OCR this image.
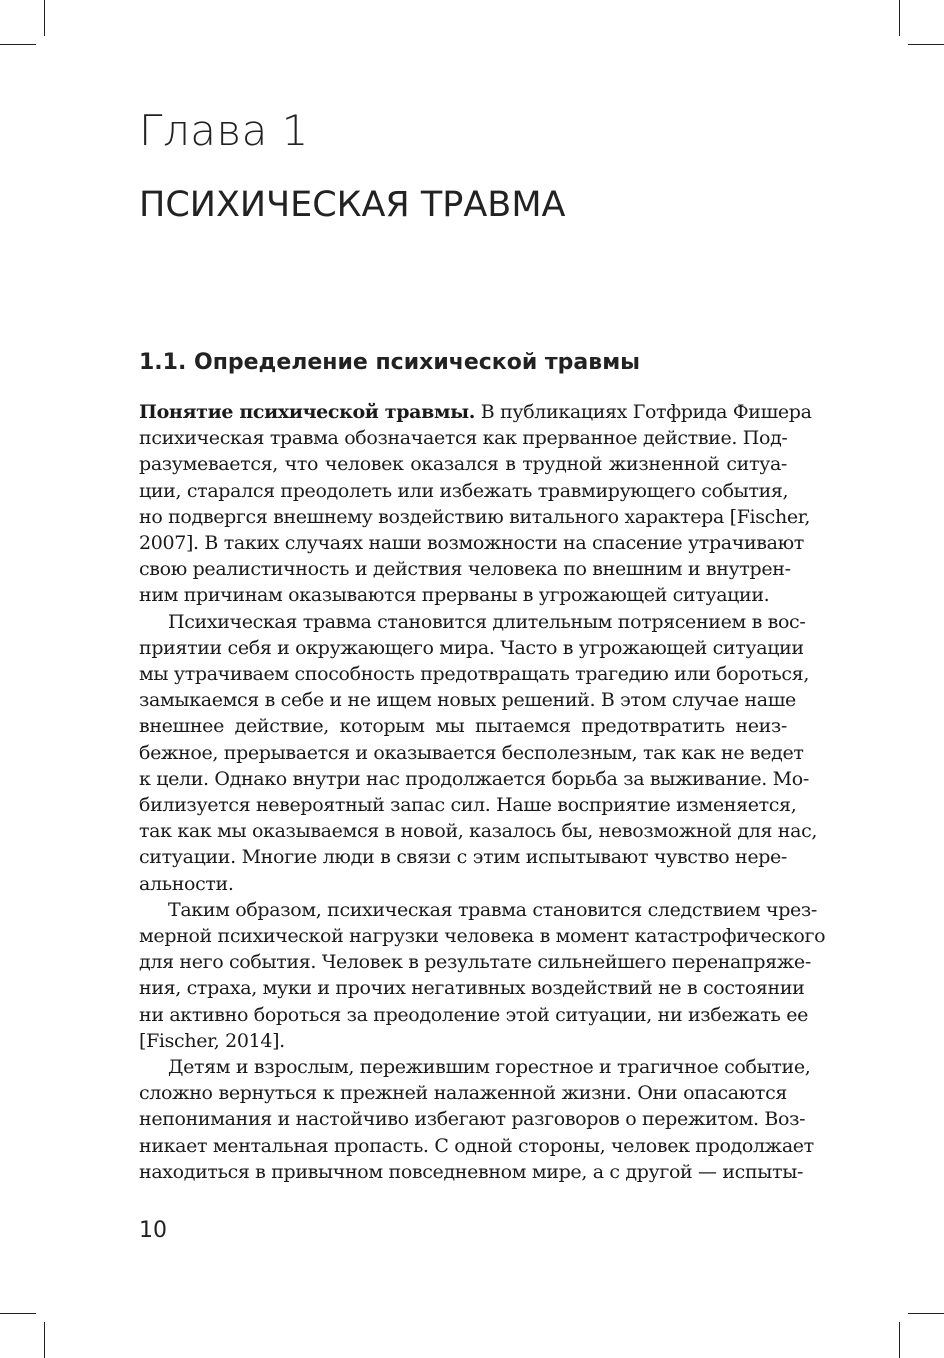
Глава 1
ПСИХИЧЕСКАЯ ТРАВМА
1.1. Определение психической травмы

Понятие психической травмы. В публикациях Готфрида Фишера
психическая травма обозначается как прерванное действие. Под-
разумевается, что человек оказался в трудной жизненной ситуа-
ции, старался преодолеть или избежать травмирующего события,
но подвергся внешнему воздействию витального характера [Fischer,
2007]. В таких случаях наши возможности на спасение утрачивают
свою реалистичность и действия человека по внешним и внутрен-
ним причинам оказываются прерваны в угрожающей ситуации.

Психическая травма становится длительным потрясением в вос-
приятии себя и окружающего мира. Часто в угрожающей ситуации
мы утрачиваем способность предотвращать трагедию или бороться,
замыкаемся в себе и не ищем новых решений. В этом случае наше
внешнее действие, которым мы пытаемся предотвратить неиз-
бежное, прерывается и оказывается бесполезным, так как не ведет
к цели. Однако внутри нас продолжается борьба за выживание. Мо-
билизуется невероятный запас сил. Наше восприятие изменяется,
так как мы оказываемся в новой, казалось бы, невозможной для нас,
ситуации. Многие люди в связи с этим испытывают чувство нере-
альности.

Таким образом, психическая травма становится следствием чрез-
мерной психической нагрузки человека в момент катастрофического
для него события. Человек в результате сильнейшего перенапряже-
ния, страха, муки и прочих негативных воздействий не в состоянии
ни активно бороться за преодоление этой ситуации, ни избежать ее
[Fischer, 2014].

Детям и взрослым, пережившим горестное и трагичное событие,
сложно вернуться к прежней налаженной жизни. Они опасаются
непонимания и настойчиво избегают разговоров о пережитом. Воз-
никает ментальная пропасть. С одной стороны, человек продолжает
находиться в привычном повседневном мире, а с другой — испыты-

10
